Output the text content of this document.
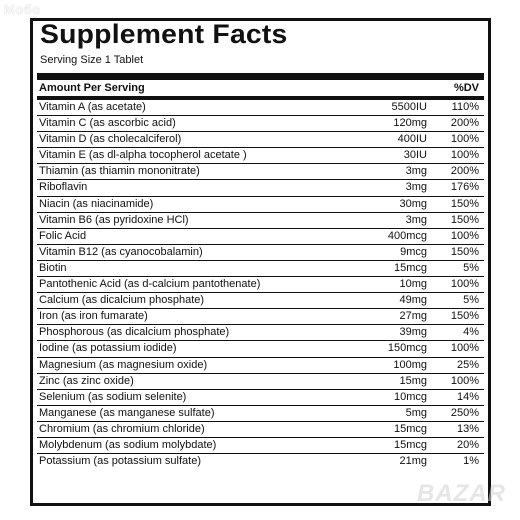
Мобо
Supplement Facts
Serving Size 1 Tablet
Amount Per Serving	%DV
Vitamin A (as acetate)	5500IU 110%
Vitamin C (as ascorbic acid)	120mg 200%
Vitamin D (as cholecalciferol)	400IU 100%
Vitamin E (as dl-alpha tocopherol acetate )	30IU 100%
Thiamin (as thiamin mononitrate)	3mg 200%
Riboflavin	3mg 176%
Niacin (as niacinamide)	30mg 150%
Vitamin B6 (as pyridoxine HCl)	3mg 150%
Folic Acid	400mcg 100%
Vitamin B12 (as cyanocobalamin)	9mcg 150%
Biotin	15mcg	5%
Pantothenic Acid (as d-calcium pantothenate)	10mg 100%
Calcium (as dicalcium phosphate)	49mg	5%
Iron (as iron fumarate)	27mg 150%
Phosphorous (as dicalcium phosphate)	39mg	4%
Iodine (as potassium iodide)	150mcg 100%
Magnesium (as magnesium oxide)	100mg	25%
Zinc (as zinc oxide)	15mg 100%
Selenium (as sodium selenite)	10mcg	14%
Manganese (as manganese sulfate)	5mg 250%
Chromium (as chromium chloride)	15mcg	13%
Molybdenum (as sodium molybdate)	15mcg	20%
Potassium (as potassium sulfate)	21mg	1%
BAZAR
